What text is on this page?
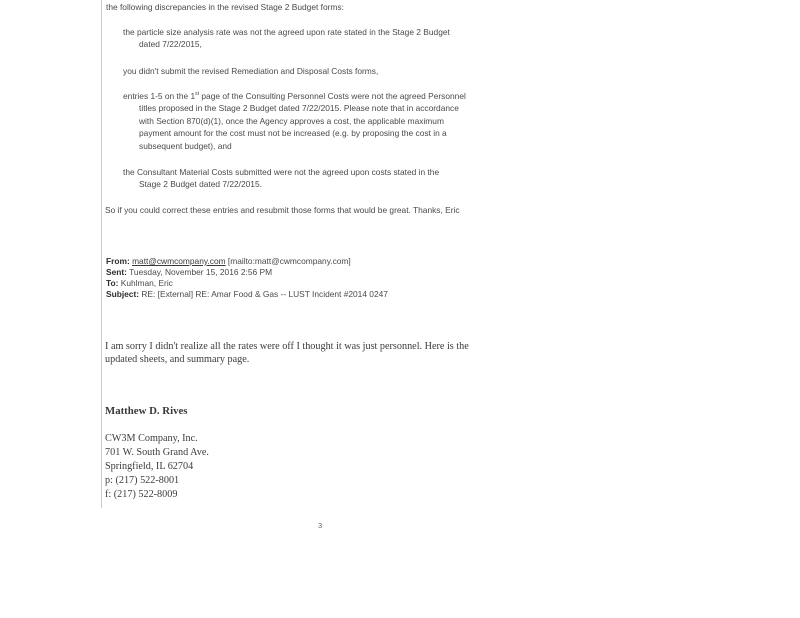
the following discrepancies in the revised Stage 2 Budget forms:
the particle size analysis rate was not the agreed upon rate stated in the Stage 2 Budget
dated 7/22/2015,
you didn't submit the revised Remediation and Disposal Costs forms,
entries 1-5 on the 1st page of the Consulting Personnel Costs were not the agreed Personnel
titles proposed in the Stage 2 Budget dated 7/22/2015. Please note that in accordance
with Section 870(d)(1), once the Agency approves a cost, the applicable maximum
payment amount for the cost must not be increased (e.g. by proposing the cost in a
subsequent budget), and
the Consultant Material Costs submitted were not the agreed upon costs stated in the
Stage 2 Budget dated 7/22/2015.
So if you could correct these entries and resubmit those forms that would be great. Thanks, Eric
From: matt@cwmcompany.com [mailto:matt@cwmcompany.com]
Sent: Tuesday, November 15, 2016 2:56 PM
To: Kuhlman, Eric
Subject: RE: [External] RE: Amar Food & Gas -- LUST Incident #2014 0247
I am sorry I didn't realize all the rates were off I thought it was just personnel. Here is the
updated sheets, and summary page.
Matthew D. Rives
CW3M Company, Inc.
701 W. South Grand Ave.
Springfield, IL 62704
p: (217) 522-8001
f: (217) 522-8009
3
